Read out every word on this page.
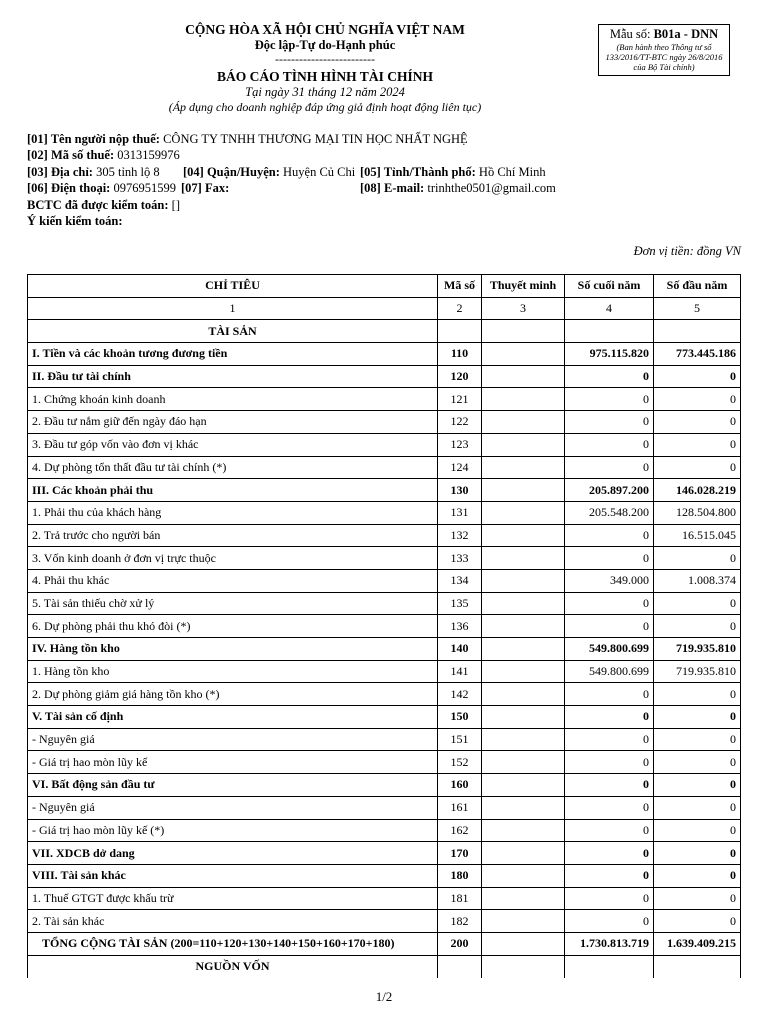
CỘNG HÒA XÃ HỘI CHỦ NGHĨA VIỆT NAM
Độc lập-Tự do-Hạnh phúc
-------------------------
BÁO CÁO TÌNH HÌNH TÀI CHÍNH
Tại ngày 31 tháng 12 năm 2024
(Áp dụng cho doanh nghiệp đáp ứng giả định hoạt động liên tục)
Mẫu số: B01a - DNN
(Ban hành theo Thông tư số 133/2016/TT-BTC ngày 26/8/2016 của Bộ Tài chính)
[01] Tên người nộp thuế: CÔNG TY TNHH THƯƠNG MẠI TIN HỌC NHẤT NGHỆ
[02] Mã số thuế: 0313159976
[03] Địa chỉ: 305 tỉnh lộ 8 [04] Quận/Huyện: Huyện Củ Chi [05] Tỉnh/Thành phố: Hồ Chí Minh
[06] Điện thoại: 0976951599 [07] Fax:	[08] E-mail: trinhthe0501@gmail.com
BCTC đã được kiểm toán: []
Ý kiến kiểm toán:
Đơn vị tiền: đồng VN
CHỈ TIÊU	Mã số	Thuyết minh	Số cuối năm	Số đầu năm
1	2	3	4	5
TÀI SẢN				
I. Tiền và các khoản tương đương tiền	110		975.115.820	773.445.186
II. Đầu tư tài chính	120		0	0
1. Chứng khoán kinh doanh	121		0	0
2. Đầu tư nắm giữ đến ngày đáo hạn	122		0	0
3. Đầu tư góp vốn vào đơn vị khác	123		0	0
4. Dự phòng tổn thất đầu tư tài chính (*)	124		0	0
III. Các khoản phải thu	130		205.897.200	146.028.219
1. Phải thu của khách hàng	131		205.548.200	128.504.800
2. Trả trước cho người bán	132		0	16.515.045
3. Vốn kinh doanh ở đơn vị trực thuộc	133		0	0
4. Phải thu khác	134		349.000	1.008.374
5. Tài sản thiếu chờ xử lý	135		0	0
6. Dự phòng phải thu khó đòi (*)	136		0	0
IV. Hàng tồn kho	140		549.800.699	719.935.810
1. Hàng tồn kho	141		549.800.699	719.935.810
2. Dự phòng giảm giá hàng tồn kho (*)	142		0	0
V. Tài sản cố định	150		0	0
- Nguyên giá	151		0	0
- Giá trị hao mòn lũy kế	152		0	0
VI. Bất động sản đầu tư	160		0	0
- Nguyên giá	161		0	0
- Giá trị hao mòn lũy kế (*)	162		0	0
VII. XDCB dở dang	170		0	0
VIII. Tài sản khác	180		0	0
1. Thuế GTGT được khấu trừ	181		0	0
2. Tài sản khác	182		0	0
TỔNG CỘNG TÀI SẢN (200=110+120+130+140+150+160+170+180)	200		1.730.813.719	1.639.409.215
NGUỒN VỐN				
1/2
